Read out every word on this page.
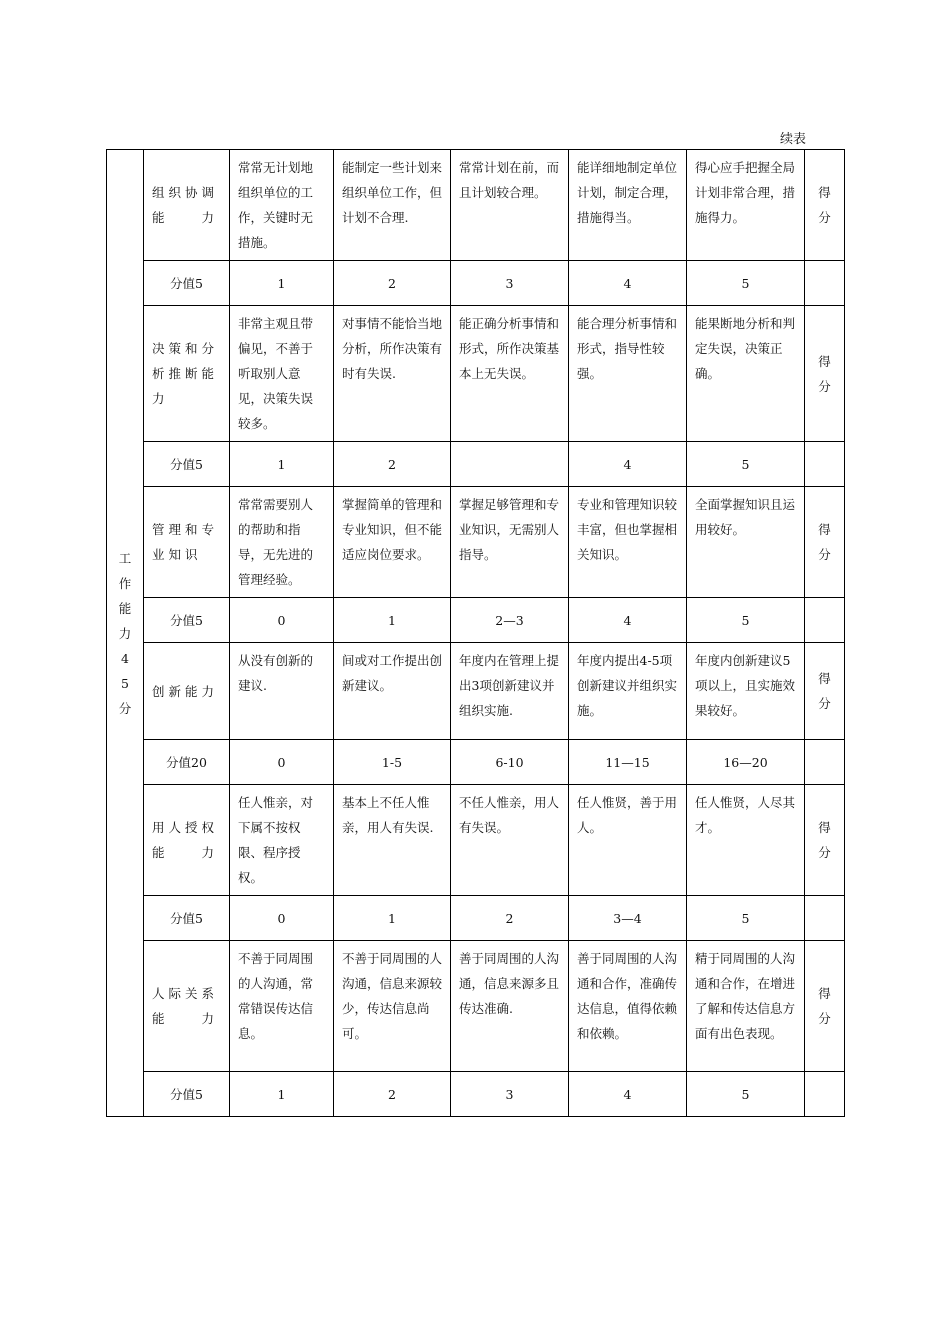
续表
工作能力45分	组织协调能　　力	常常无计划地组织单位的工作，关键时无措施。	能制定一些计划来组织单位工作，但计划不合理.	常常计划在前，而且计划较合理。	能详细地制定单位计划，制定合理，措施得当。	得心应手把握全局计划非常合理，措施得力。	得分

	分值5	1	2	3	4	5	
	决策和分析推断能力	非常主观且带偏见，不善于听取别人意见，决策失误较多。	对事情不能恰当地分析，所作决策有时有失误.	能正确分析事情和形式，所作决策基本上无失误。	能合理分析事情和形式，指导性较强。	能果断地分析和判定失误，决策正确。	得分

	分值5	1	2		4	5	
	管理和专业知识	常常需要别人的帮助和指导，无先进的管理经验。	掌握简单的管理和专业知识，但不能适应岗位要求。	掌握足够管理和专业知识，无需别人指导。	专业和管理知识较丰富，但也掌握相关知识。	全面掌握知识且运用较好。	得分

	分值5	0	1	2—3	4	5	
	创新能力	从没有创新的建议.	间或对工作提出创新建议。	年度内在管理上提出3项创新建议并组织实施.	年度内提出4-5项创新建议并组织实施。	年度内创新建议5项以上，且实施效果较好。	得分

	分值20	0	1-5	6-10	11—15	16—20	
	用人授权能　　力	任人惟亲，对下属不按权限、程序授权。	基本上不任人惟亲，用人有失误.	不任人惟亲，用人有失误。	任人惟贤，善于用人。	任人惟贤，人尽其才。	得分

	分值5	0	1	2	3—4	5	
	人际关系能　　力	不善于同周围的人沟通，常常错误传达信息。	不善于同周围的人沟通，信息来源较少，传达信息尚可。	善于同周围的人沟通，信息来源多且传达准确.	善于同周围的人沟通和合作，准确传达信息，值得依赖和依赖。	精于同周围的人沟通和合作，在增进了解和传达信息方面有出色表现。	得分

	分值5	1	2	3	4	5	
